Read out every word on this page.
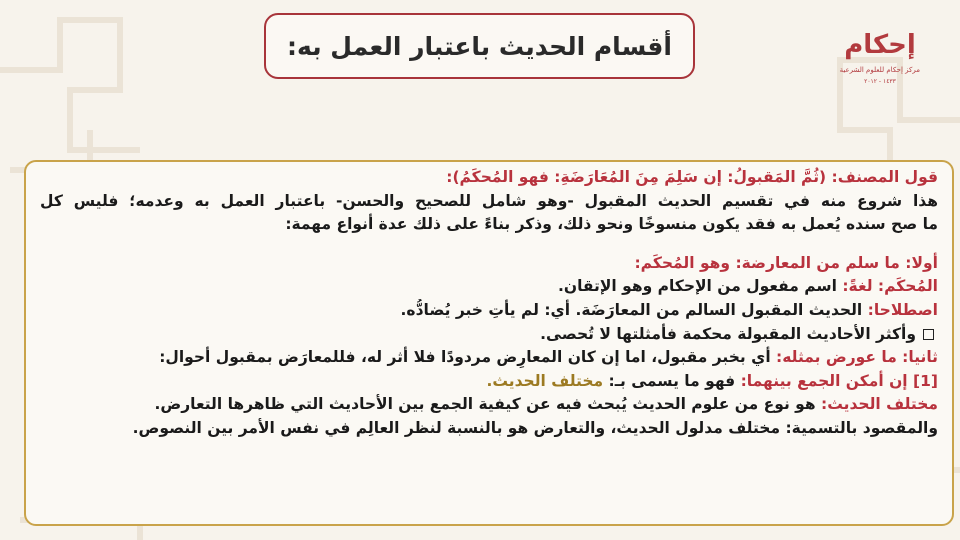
أقسام الحديث باعتبار العمل به:	إحكام
مركز إحكام للعلوم الشرعية
١٤٣٣ - ٢٠١٢
قول المصنف: (ثُمَّ المَقبولُ: إن سَلِمَ مِنَ المُعَارَضَةِ: فهو المُحكَمُ):
هذا شروع منه في تقسيم الحديث المقبول -وهو شامل للصحيح والحسن- باعتبار العمل به وعدمه؛ فليس كل
ما صح سنده يُعمل به فقد يكون منسوخًا ونحو ذلك، وذكر بناءً على ذلك عدة أنواع مهمة:
أولا: ما سلم من المعارضة: وهو المُحكَم:
المُحكَم: لغةً: اسم مفعول من الإحكام وهو الإتقان.
اصطلاحا: الحديث المقبول السالم من المعارَضَة. أي: لم يأتِ خبر يُضادُّه.
وأكثر الأحاديث المقبولة محكمة فأمثلتها لا تُحصى.
ثانيا: ما عورض بمثله: أي بخبر مقبول، اما إن كان المعارِض مردودًا فلا أثر له، فللمعارَض بمقبول أحوال:
[1] إن أمكن الجمع بينهما: فهو ما يسمى بـ: مختلف الحديث.
مختلف الحديث: هو نوع من علوم الحديث يُبحث فيه عن كيفية الجمع بين الأحاديث التي ظاهرها التعارض.
والمقصود بالتسمية: مختلف مدلول الحديث، والتعارض هو بالنسبة لنظر العالِم في نفس الأمر بين النصوص.
